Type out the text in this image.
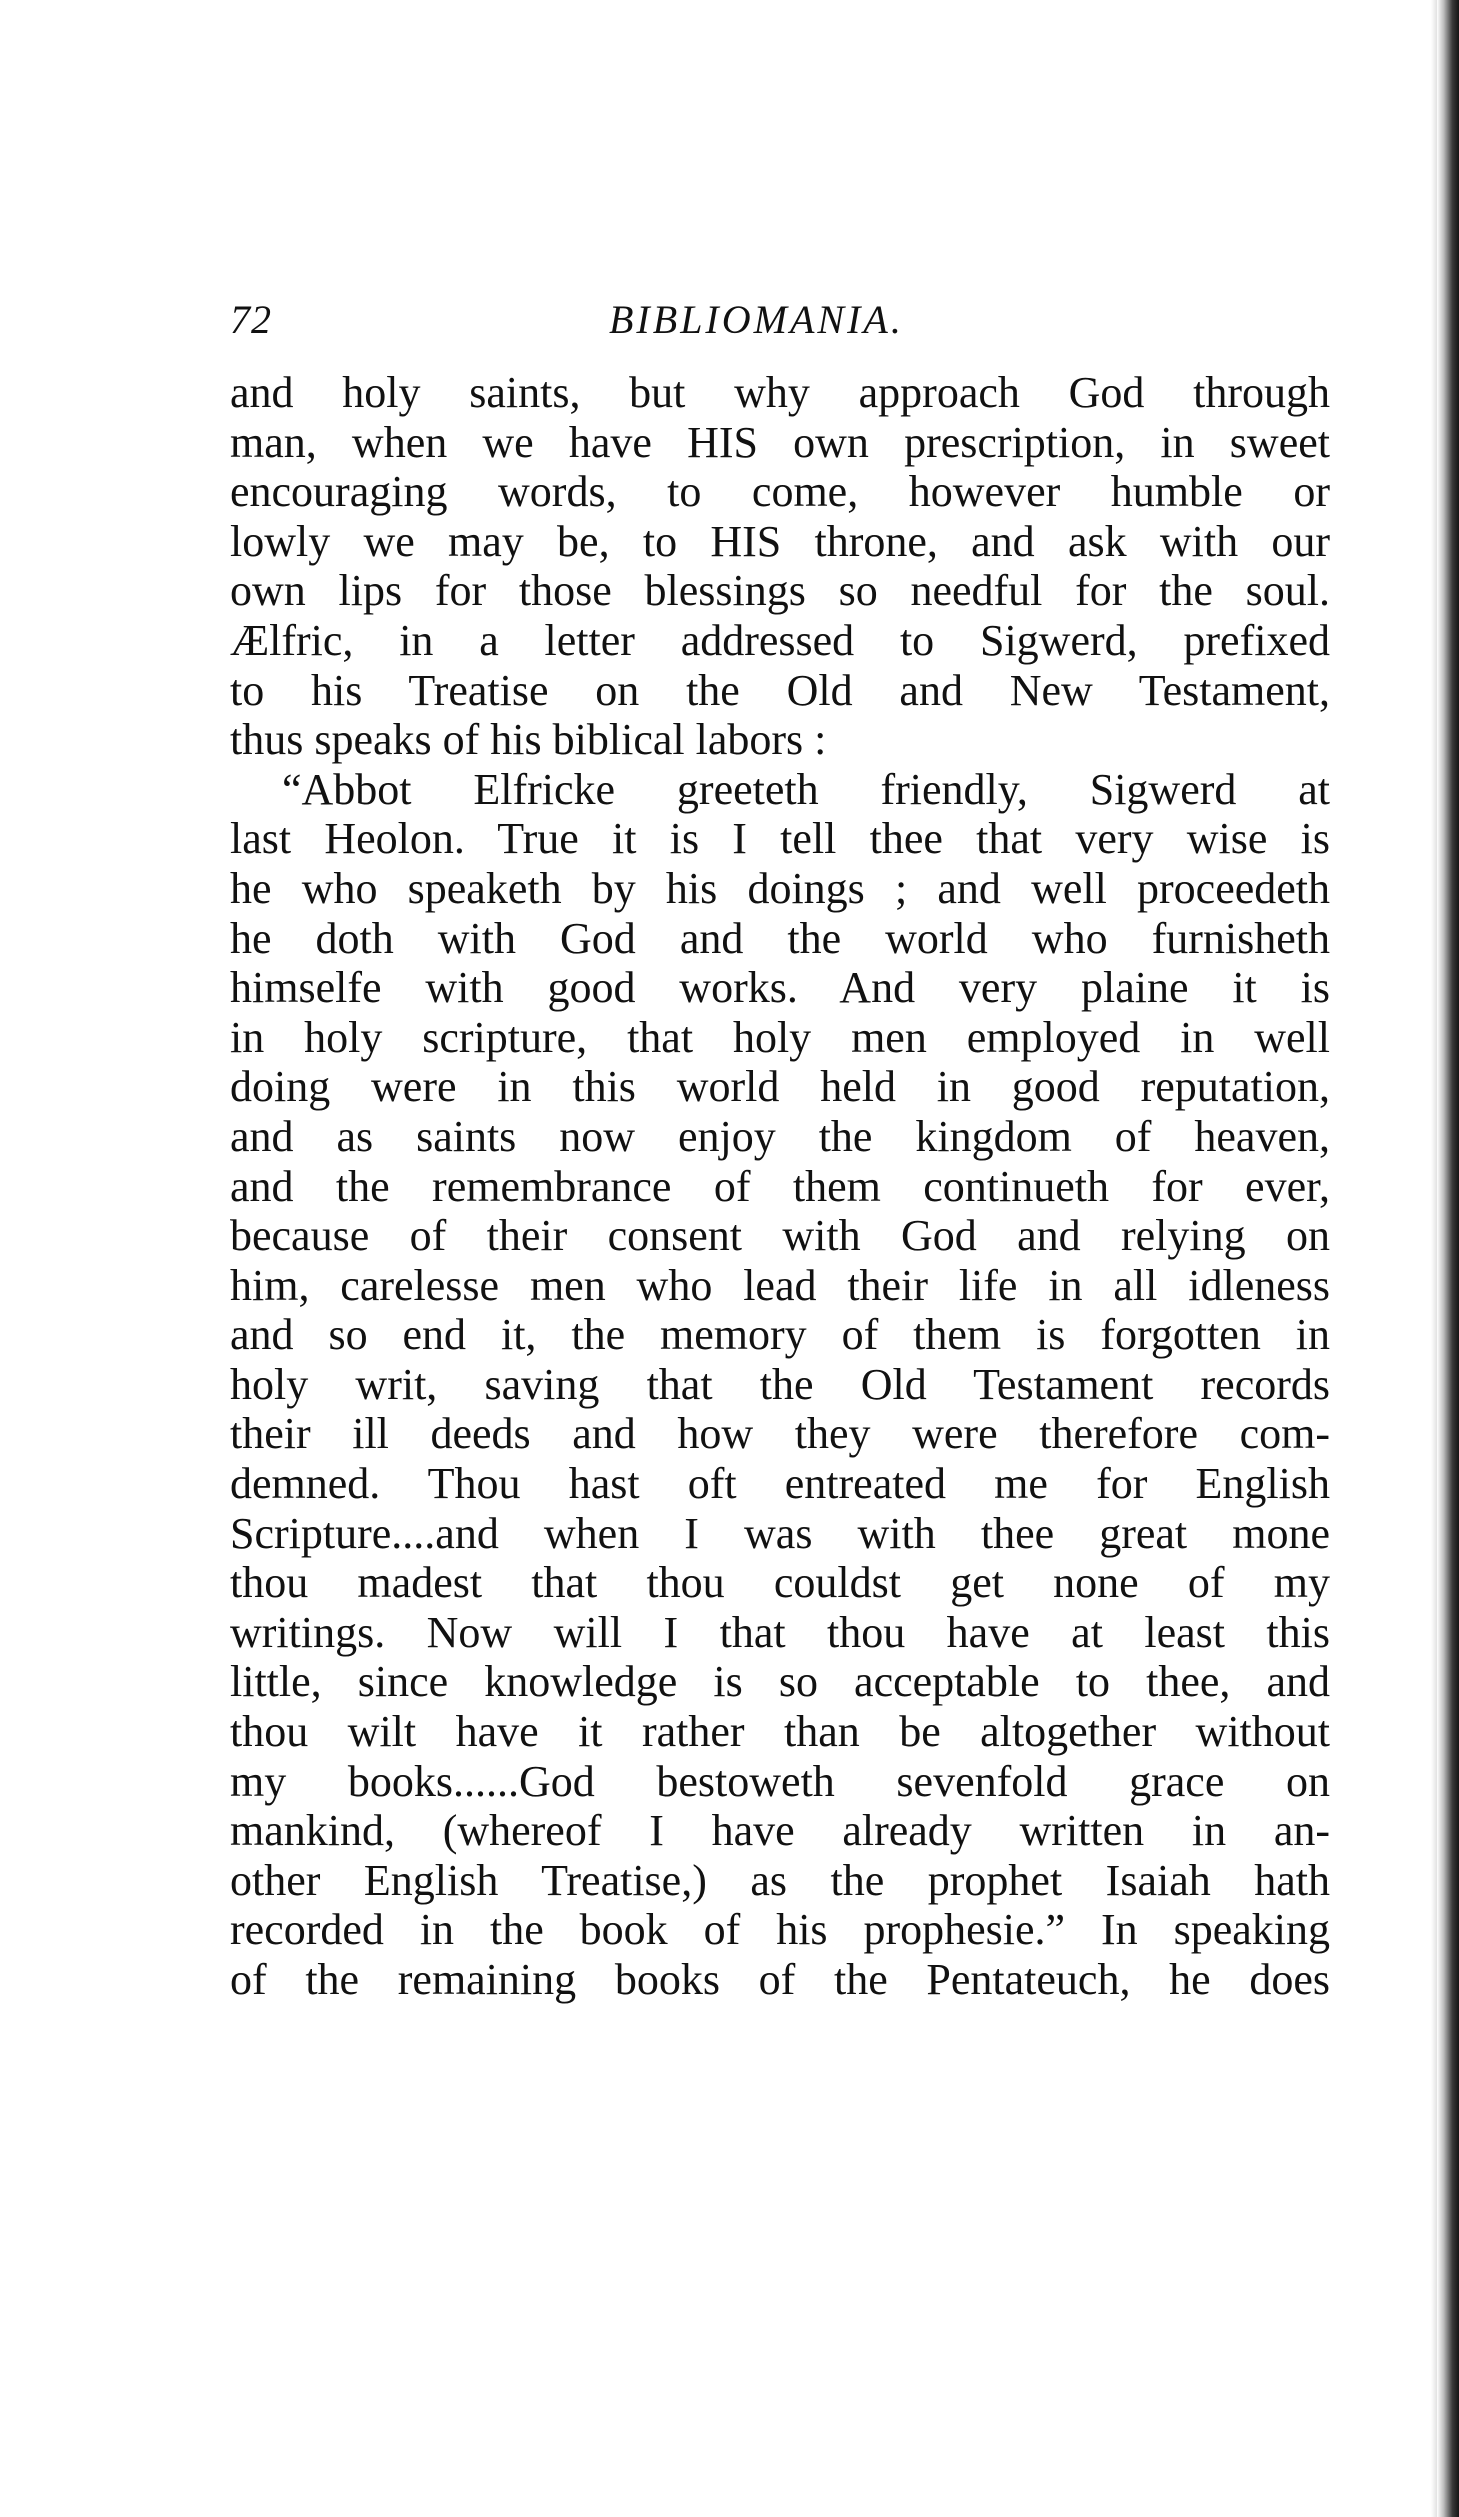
72	BIBLIOMANIA.
and holy saints, but why approach God through
man, when we have HIS own prescription, in sweet
encouraging words, to come, however humble or
lowly we may be, to HIS throne, and ask with our
own lips for those blessings so needful for the soul.
Ælfric, in a letter addressed to Sigwerd, prefixed
to his Treatise on the Old and New Testament,
thus speaks of his biblical labors :
“Abbot Elfricke greeteth friendly, Sigwerd at
last Heolon. True it is I tell thee that very wise is
he who speaketh by his doings ; and well proceedeth
he doth with God and the world who furnisheth
himselfe with good works. And very plaine it is
in holy scripture, that holy men employed in well
doing were in this world held in good reputation,
and as saints now enjoy the kingdom of heaven,
and the remembrance of them continueth for ever,
because of their consent with God and relying on
him, carelesse men who lead their life in all idleness
and so end it, the memory of them is forgotten in
holy writ, saving that the Old Testament records
their ill deeds and how they were therefore com-
demned. Thou hast oft entreated me for English
Scripture....and when I was with thee great mone
thou madest that thou couldst get none of my
writings. Now will I that thou have at least this
little, since knowledge is so acceptable to thee, and
thou wilt have it rather than be altogether without
my books......God bestoweth sevenfold grace on
mankind, (whereof I have already written in an-
other English Treatise,) as the prophet Isaiah hath
recorded in the book of his prophesie.” In speaking
of the remaining books of the Pentateuch, he does
